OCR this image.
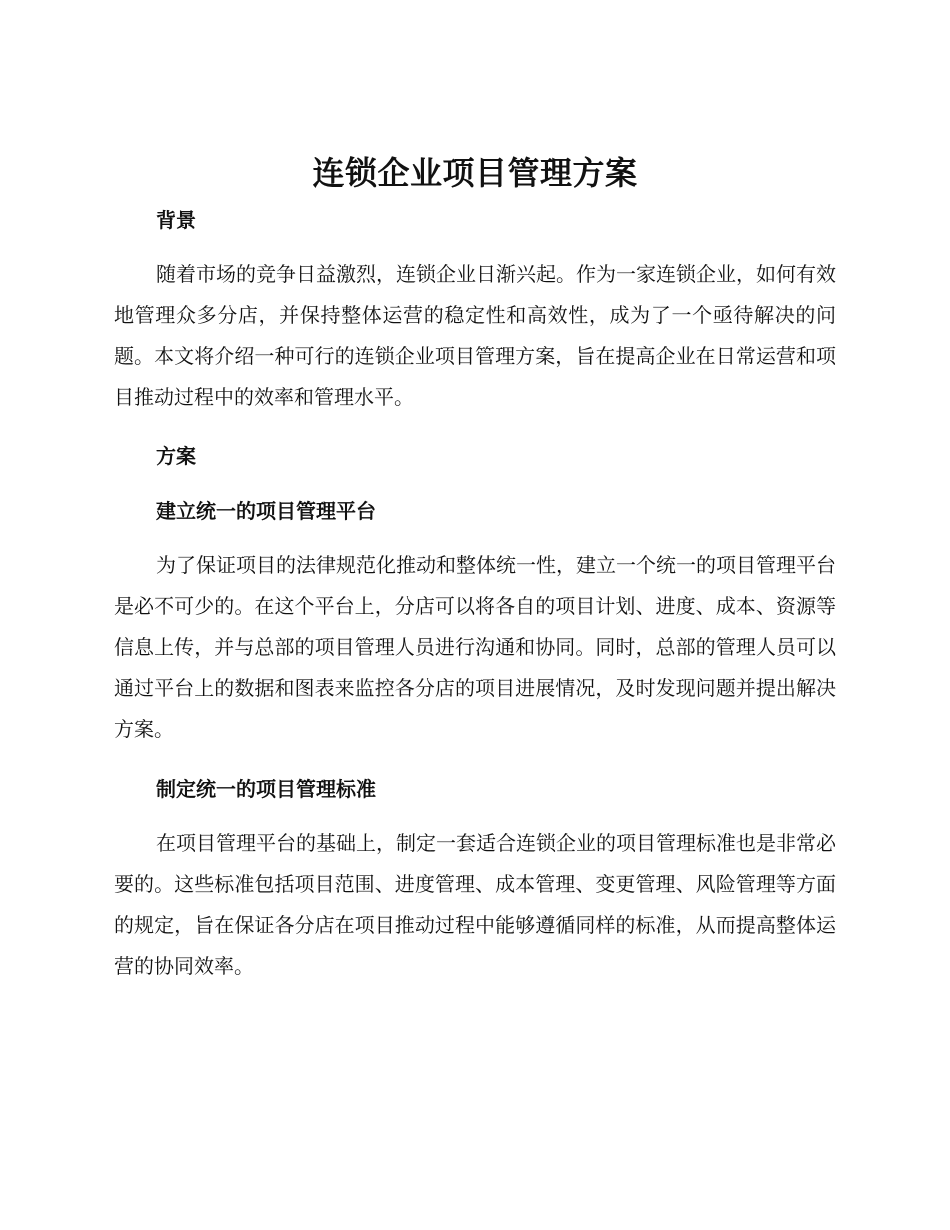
连锁企业项目管理方案
背景

随着市场的竞争日益激烈，连锁企业日渐兴起。作为一家连锁企业，如何有效地管理众多分店，并保持整体运营的稳定性和高效性，成为了一个亟待解决的问题。本文将介绍一种可行的连锁企业项目管理方案，旨在提高企业在日常运营和项目推动过程中的效率和管理水平。

方案
建立统一的项目管理平台

为了保证项目的法律规范化推动和整体统一性，建立一个统一的项目管理平台是必不可少的。在这个平台上，分店可以将各自的项目计划、进度、成本、资源等信息上传，并与总部的项目管理人员进行沟通和协同。同时，总部的管理人员可以通过平台上的数据和图表来监控各分店的项目进展情况，及时发现问题并提出解决方案。

制定统一的项目管理标准

在项目管理平台的基础上，制定一套适合连锁企业的项目管理标准也是非常必要的。这些标准包括项目范围、进度管理、成本管理、变更管理、风险管理等方面的规定，旨在保证各分店在项目推动过程中能够遵循同样的标准，从而提高整体运营的协同效率。
